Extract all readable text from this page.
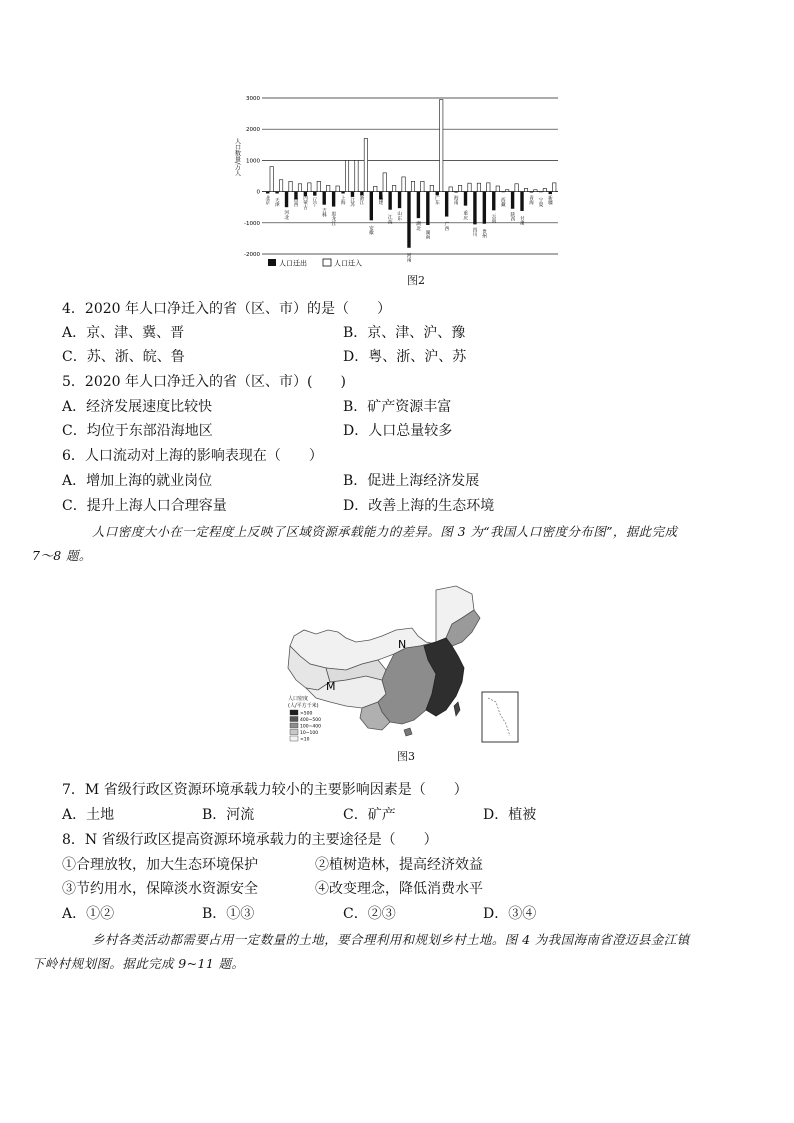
3000
2000
1000
0
-1000
-2000
北京 天津
河北
山西 内蒙古 辽宁
吉林 黑龙江
上海 江苏 浙江
安徽
福建
江西 山东
河南
湖北
湖南
广东
广西
海南
重庆
四川 贵州
云南
西藏
陕西 甘肃
青海 宁夏 新疆
人口数量/万人
人口迁出	人口迁入
图2
4．2020 年人口净迁入的省（区、市）的是（　　）
A．京、津、冀、晋	B．京、津、沪、豫
C．苏、浙、皖、鲁	D．粤、浙、沪、苏
5．2020 年人口净迁入的省（区、市）(　　)
A．经济发展速度比较快	B．矿产资源丰富
C．均位于东部沿海地区	D．人口总量较多
6．人口流动对上海的影响表现在（　　）
A．增加上海的就业岗位	B．促进上海经济发展
C．提升上海人口合理容量	D．改善上海的生态环境
人口密度大小在一定程度上反映了区域资源承载能力的差异。图 3 为“我国人口密度分布图”，据此完成
7～8 题。
N
M
人口密度
(人/平方千米)
>500
400~500
100~400
10~100
<10
图3
7．M 省级行政区资源环境承载力较小的主要影响因素是（　　）
A．土地	B．河流	C．矿产	D．植被
8．N 省级行政区提高资源环境承载力的主要途径是（　　）
①合理放牧，加大生态环境保护	②植树造林，提高经济效益
③节约用水，保障淡水资源安全	④改变理念，降低消费水平
A．①②	B．①③	C．②③	D．③④
乡村各类活动都需要占用一定数量的土地，要合理利用和规划乡村土地。图 4 为我国海南省澄迈县金江镇
下岭村规划图。据此完成 9~11 题。
